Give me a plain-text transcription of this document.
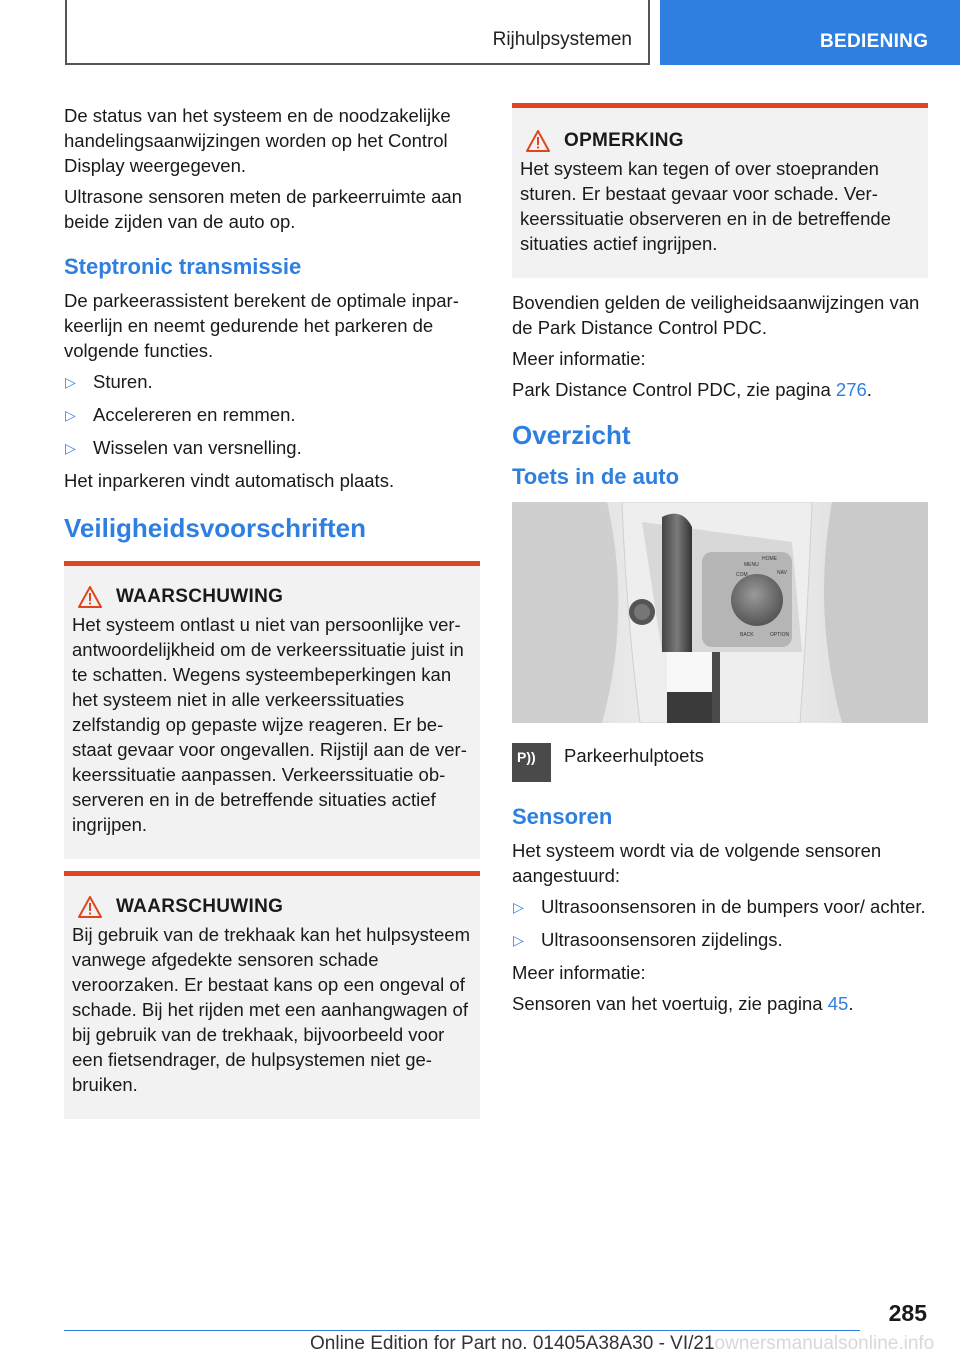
Rijhulpsystemen	BEDIENING

De status van het systeem en de noodzakelijke handelingsaanwijzingen worden op het Control Display weergegeven.

Ultrasone sensoren meten de parkeerruimte aan beide zijden van de auto op.

Steptronic transmissie

De parkeerassistent berekent de optimale inparkeerlijn en neemt gedurende het parkeren de volgende functies.

▷ Sturen.
▷ Accelereren en remmen.
▷ Wisselen van versnelling.

Het inparkeren vindt automatisch plaats.

Veiligheidsvoorschriften
WAARSCHUWING

Het systeem ontlast u niet van persoonlijke verantwoordelijkheid om de verkeerssituatie juist in te schatten. Wegens systeembeperkingen kan het systeem niet in alle verkeerssituaties zelfstandig op gepaste wijze reageren. Er bestaat gevaar voor ongevallen. Rijstijl aan de verkeerssituatie aanpassen. Verkeerssituatie observeren en in de betreffende situaties actief ingrijpen.

WAARSCHUWING

Bij gebruik van de trekhaak kan het hulpsysteem vanwege afgedekte sensoren schade veroorzaken. Er bestaat kans op een ongeval of schade. Bij het rijden met een aanhangwagen of bij gebruik van de trekhaak, bijvoorbeeld voor een fietsendrager, de hulpsystemen niet gebruiken.

OPMERKING

Het systeem kan tegen of over stoepranden sturen. Er bestaat gevaar voor schade. Verkeerssituatie observeren en in de betreffende situaties actief ingrijpen.

Bovendien gelden de veiligheidsaanwijzingen van de Park Distance Control PDC.

Meer informatie:

Park Distance Control PDC, zie pagina 276.

Overzicht
Toets in de auto
MENU
HOME
COM	NAV
BACK	OPTION
P)) Parkeerhulptoets

Sensoren

Het systeem wordt via de volgende sensoren aangestuurd:

▷ Ultrasoonsensoren in de bumpers voor/ achter.
▷ Ultrasoonsensoren zijdelings.

Meer informatie:

Sensoren van het voertuig, zie pagina 45.

285
Online Edition for Part no. 01405A38A30 - VI/21ownersmanualsonline.info
